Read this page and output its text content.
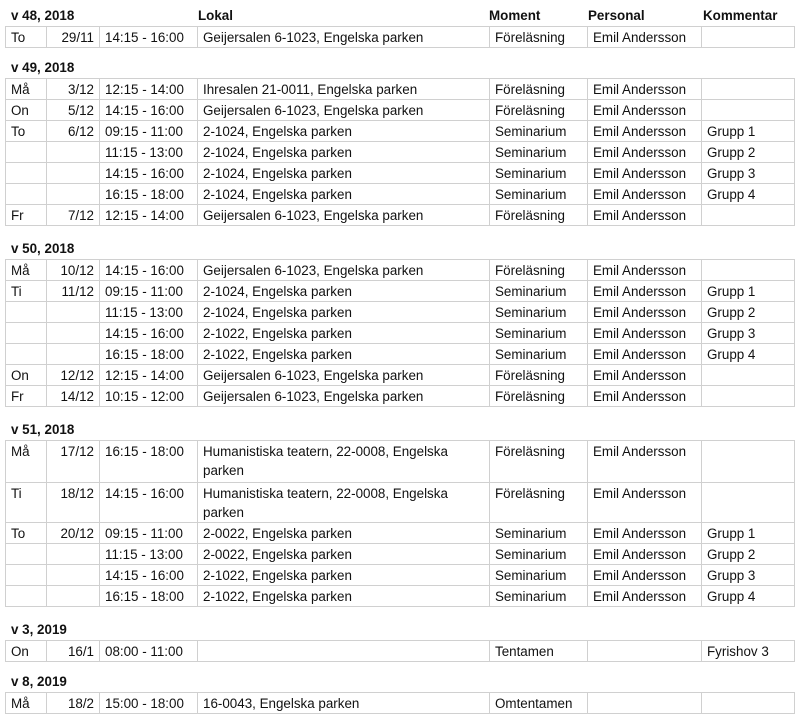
v 48, 2018	Lokal	Moment	Personal	Kommentar
To	29/11	14:15 - 16:00	Geijersalen 6-1023, Engelska parken	Föreläsning	Emil Andersson	
v 49, 2018
Må	3/12	12:15 - 14:00	Ihresalen 21-0011, Engelska parken	Föreläsning	Emil Andersson	
On	5/12	14:15 - 16:00	Geijersalen 6-1023, Engelska parken	Föreläsning	Emil Andersson	
To	6/12	09:15 - 11:00	2-1024, Engelska parken	Seminarium	Emil Andersson	Grupp 1
		11:15 - 13:00	2-1024, Engelska parken	Seminarium	Emil Andersson	Grupp 2
		14:15 - 16:00	2-1024, Engelska parken	Seminarium	Emil Andersson	Grupp 3
		16:15 - 18:00	2-1024, Engelska parken	Seminarium	Emil Andersson	Grupp 4
Fr	7/12	12:15 - 14:00	Geijersalen 6-1023, Engelska parken	Föreläsning	Emil Andersson	
v 50, 2018
Må	10/12	14:15 - 16:00	Geijersalen 6-1023, Engelska parken	Föreläsning	Emil Andersson	
Ti	11/12	09:15 - 11:00	2-1024, Engelska parken	Seminarium	Emil Andersson	Grupp 1
		11:15 - 13:00	2-1024, Engelska parken	Seminarium	Emil Andersson	Grupp 2
		14:15 - 16:00	2-1022, Engelska parken	Seminarium	Emil Andersson	Grupp 3
		16:15 - 18:00	2-1022, Engelska parken	Seminarium	Emil Andersson	Grupp 4
On	12/12	12:15 - 14:00	Geijersalen 6-1023, Engelska parken	Föreläsning	Emil Andersson	
Fr	14/12	10:15 - 12:00	Geijersalen 6-1023, Engelska parken	Föreläsning	Emil Andersson	
v 51, 2018
Må	17/12	16:15 - 18:00	Humanistiska teatern, 22-0008, Engelska parken	Föreläsning	Emil Andersson	
Ti	18/12	14:15 - 16:00	Humanistiska teatern, 22-0008, Engelska parken	Föreläsning	Emil Andersson	
To	20/12	09:15 - 11:00	2-0022, Engelska parken	Seminarium	Emil Andersson	Grupp 1
		11:15 - 13:00	2-0022, Engelska parken	Seminarium	Emil Andersson	Grupp 2
		14:15 - 16:00	2-1022, Engelska parken	Seminarium	Emil Andersson	Grupp 3
		16:15 - 18:00	2-1022, Engelska parken	Seminarium	Emil Andersson	Grupp 4
v 3, 2019
On	16/1	08:00 - 11:00		Tentamen		Fyrishov 3
v 8, 2019
Må	18/2	15:00 - 18:00	16-0043, Engelska parken	Omtentamen		
